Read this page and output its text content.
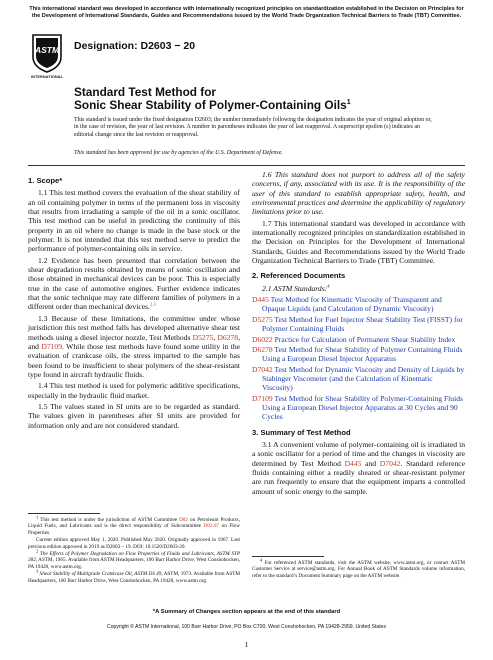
This international standard was developed in accordance with internationally recognized principles on standardization established in the Decision on Principles for the Development of International Standards, Guides and Recommendations issued by the World Trade Organization Technical Barriers to Trade (TBT) Committee.
ASTM
INTERNATIONAL
Designation: D2603 − 20
Standard Test Method for
Sonic Shear Stability of Polymer-Containing Oils$^1$
This standard is issued under the fixed designation D2603; the number immediately following the designation indicates the year of original adoption or, in the case of revision, the year of last revision. A number in parentheses indicates the year of last reapproval. A superscript epsilon (ε) indicates an editorial change since the last revision or reapproval.
This standard has been approved for use by agencies of the U.S. Department of Defense.
1. Scope*

1.1 This test method covers the evaluation of the shear stability of an oil containing polymer in terms of the permanent loss in viscosity that results from irradiating a sample of the oil in a sonic oscillator. This test method can be useful in predicting the continuity of this property in an oil where no change is made in the base stock or the polymer. It is not intended that this test method serve to predict the performance of polymer-containing oils in service.

1.2 Evidence has been presented that correlation between the shear degradation results obtained by means of sonic oscillation and those obtained in mechanical devices can be poor. This is especially true in the case of automotive engines. Further evidence indicates that the sonic technique may rate different families of polymers in a different order than mechanical devices.$^{2,3}$

1.3 Because of these limitations, the committee under whose jurisdiction this test method falls has developed alternative shear test methods using a diesel injector nozzle, Test Methods D5275, D6278, and D7109. While those test methods have found some utility in the evaluation of crankcase oils, the stress imparted to the sample has been found to be insufficient to shear polymers of the shear-resistant type found in aircraft hydraulic fluids.

1.4 This test method is used for polymeric additive specifications, especially in the hydraulic fluid market.

1.5 The values stated in SI units are to be regarded as standard. The values given in parentheses after SI units are provided for information only and are not considered standard.

$^1$ This test method is under the jurisdiction of ASTM Committee D02 on Petroleum Products, Liquid Fuels, and Lubricants and is the direct responsibility of Subcommittee D02.07 on Flow Properties.

Current edition approved May 1, 2020. Published May 2020. Originally approved in 1967. Last previous edition approved in 2019 as D2603 – 19. DOI: 10.1520/D2603-20.

$^2$ The Effects of Polymer Degradation on Flow Properties of Fluids and Lubricants, ASTM STP 382, ASTM, 1965. Available from ASTM Headquarters, 100 Barr Harbor Drive, West Conshohocken, PA 19428, www.astm.org.

$^3$ Shear Stability of Multigrade Crankcase Oil, ASTM DS 49, ASTM, 1973. Available from ASTM Headquarters, 100 Barr Harbor Drive, West Conshohocken, PA 19428, www.astm.org.

1.6 This standard does not purport to address all of the safety concerns, if any, associated with its use. It is the responsibility of the user of this standard to establish appropriate safety, health, and environmental practices and determine the applicability of regulatory limitations prior to use.

1.7 This international standard was developed in accordance with internationally recognized principles on standardization established in the Decision on Principles for the Development of International Standards, Guides and Recommendations issued by the World Trade Organization Technical Barriers to Trade (TBT) Committee.

2. Referenced Documents

2.1 ASTM Standards:$^4$

D445 Test Method for Kinematic Viscosity of Transparent and Opaque Liquids (and Calculation of Dynamic Viscosity)
D5275 Test Method for Fuel Injector Shear Stability Test (FISST) for Polymer Containing Fluids
D6022 Practice for Calculation of Permanent Shear Stability Index
D6278 Test Method for Shear Stability of Polymer Containing Fluids Using a European Diesel Injector Apparatus
D7042 Test Method for Dynamic Viscosity and Density of Liquids by Stabinger Viscometer (and the Calculation of Kinematic Viscosity)
D7109 Test Method for Shear Stability of Polymer-Containing Fluids Using a European Diesel Injector Apparatus at 30 Cycles and 90 Cycles
3. Summary of Test Method

3.1 A convenient volume of polymer-containing oil is irradiated in a sonic oscillator for a period of time and the changes in viscosity are determined by Test Method D445 and D7042. Standard reference fluids containing either a readily sheared or shear-resistant polymer are run frequently to ensure that the equipment imparts a controlled amount of sonic energy to the sample.

$^4$ For referenced ASTM standards, visit the ASTM website, www.astm.org, or contact ASTM Customer Service at service@astm.org. For Annual Book of ASTM Standards volume information, refer to the standard’s Document Summary page on the ASTM website.

*A Summary of Changes section appears at the end of this standard
Copyright © ASTM International, 100 Barr Harbor Drive, PO Box C700, West Conshohocken, PA 19428-2959. United States
1
